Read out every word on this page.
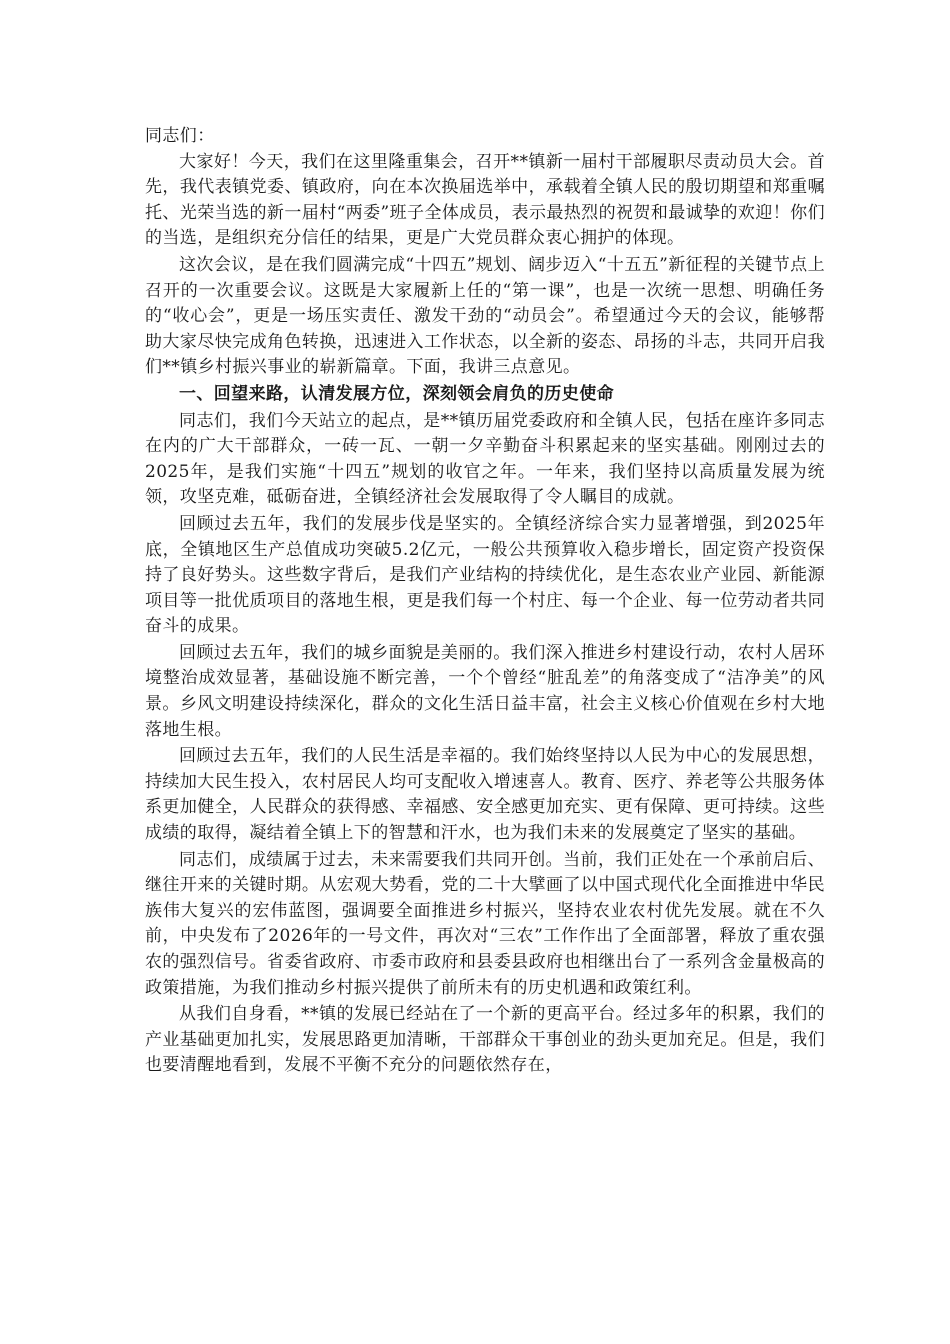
同志们：

大家好！今天，我们在这里隆重集会，召开**镇新一届村干部履职尽责动员大会。首先，我代表镇党委、镇政府，向在本次换届选举中，承载着全镇人民的殷切期望和郑重嘱托、光荣当选的新一届村“两委”班子全体成员，表示最热烈的祝贺和最诚挚的欢迎！你们的当选，是组织充分信任的结果，更是广大党员群众衷心拥护的体现。

这次会议，是在我们圆满完成“十四五”规划、阔步迈入“十五五”新征程的关键节点上召开的一次重要会议。这既是大家履新上任的“第一课”，也是一次统一思想、明确任务的“收心会”，更是一场压实责任、激发干劲的“动员会”。希望通过今天的会议，能够帮助大家尽快完成角色转换，迅速进入工作状态，以全新的姿态、昂扬的斗志，共同开启我们**镇乡村振兴事业的崭新篇章。下面，我讲三点意见。

一、回望来路，认清发展方位，深刻领会肩负的历史使命

同志们，我们今天站立的起点，是**镇历届党委政府和全镇人民，包括在座许多同志在内的广大干部群众，一砖一瓦、一朝一夕辛勤奋斗积累起来的坚实基础。刚刚过去的2025年，是我们实施“十四五”规划的收官之年。一年来，我们坚持以高质量发展为统领，攻坚克难，砥砺奋进，全镇经济社会发展取得了令人瞩目的成就。

回顾过去五年，我们的发展步伐是坚实的。全镇经济综合实力显著增强，到2025年底，全镇地区生产总值成功突破5.2亿元，一般公共预算收入稳步增长，固定资产投资保持了良好势头。这些数字背后，是我们产业结构的持续优化，是生态农业产业园、新能源项目等一批优质项目的落地生根，更是我们每一个村庄、每一个企业、每一位劳动者共同奋斗的成果。

回顾过去五年，我们的城乡面貌是美丽的。我们深入推进乡村建设行动，农村人居环境整治成效显著，基础设施不断完善，一个个曾经“脏乱差”的角落变成了“洁净美”的风景。乡风文明建设持续深化，群众的文化生活日益丰富，社会主义核心价值观在乡村大地落地生根。

回顾过去五年，我们的人民生活是幸福的。我们始终坚持以人民为中心的发展思想，持续加大民生投入，农村居民人均可支配收入增速喜人。教育、医疗、养老等公共服务体系更加健全，人民群众的获得感、幸福感、安全感更加充实、更有保障、更可持续。这些成绩的取得，凝结着全镇上下的智慧和汗水，也为我们未来的发展奠定了坚实的基础。

同志们，成绩属于过去，未来需要我们共同开创。当前，我们正处在一个承前启后、继往开来的关键时期。从宏观大势看，党的二十大擘画了以中国式现代化全面推进中华民族伟大复兴的宏伟蓝图，强调要全面推进乡村振兴，坚持农业农村优先发展。就在不久前，中央发布了2026年的一号文件，再次对“三农”工作作出了全面部署，释放了重农强农的强烈信号。省委省政府、市委市政府和县委县政府也相继出台了一系列含金量极高的政策措施，为我们推动乡村振兴提供了前所未有的历史机遇和政策红利。

从我们自身看，**镇的发展已经站在了一个新的更高平台。经过多年的积累，我们的产业基础更加扎实，发展思路更加清晰，干部群众干事创业的劲头更加充足。但是，我们也要清醒地看到，发展不平衡不充分的问题依然存在，
